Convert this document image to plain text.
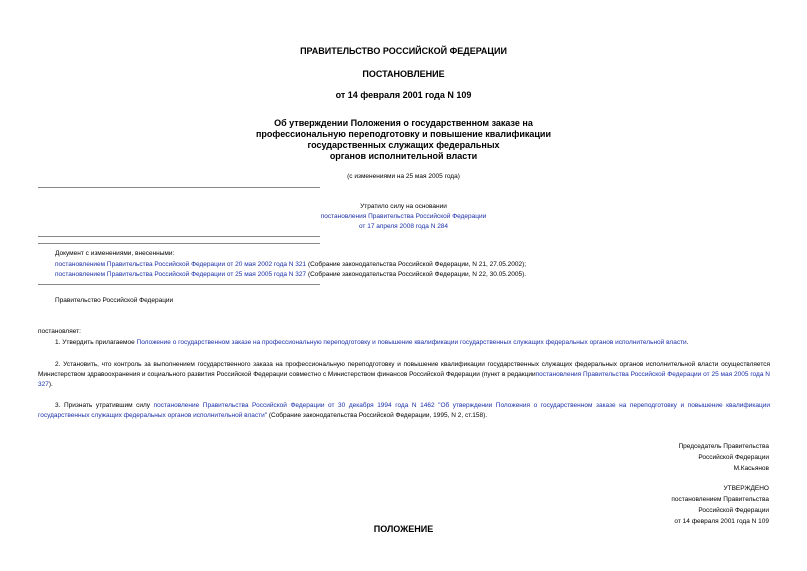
ПРАВИТЕЛЬСТВО РОССИЙСКОЙ ФЕДЕРАЦИИ
ПОСТАНОВЛЕНИЕ
от 14 февраля 2001 года N 109
Об утверждении Положения о государственном заказе на
профессиональную переподготовку и повышение квалификации
государственных служащих федеральных
органов исполнительной власти
(с изменениями на 25 мая 2005 года)
Утратило силу на основании
постановления Правительства Российской Федерации
от 17 апреля 2008 года N 284
Документ с изменениями, внесенными:
постановлением Правительства Российской Федерации от 20 мая 2002 года N 321 (Собрание законодательства Российской Федерации, N 21, 27.05.2002);
постановлением Правительства Российской Федерации от 25 мая 2005 года N 327 (Собрание законодательства Российской Федерации, N 22, 30.05.2005).
Правительство Российской Федерации
постановляет:
1. Утвердить прилагаемое Положение о государственном заказе на профессиональную переподготовку и повышение квалификации государственных служащих федеральных органов исполнительной власти.
2. Установить, что контроль за выполнением государственного заказа на профессиональную переподготовку и повышение квалификации государственных служащих федеральных органов исполнительной власти осуществляется Министерством здравоохранения и социального развития Российской Федерации совместно с Министерством финансов Российской Федерации (пункт в редакциипостановления Правительства Российской Федерации от 25 мая 2005 года N 327).
3. Признать утратившим силу постановление Правительства Российской Федерации от 30 декабря 1994 года N 1462 "Об утверждении Положения о государственном заказе на переподготовку и повышение квалификации государственных служащих федеральных органов исполнительной власти" (Собрание законодательства Российской Федерации, 1995, N 2, ст.158).
Председатель Правительства
Российской Федерации
М.Касьянов
УТВЕРЖДЕНО
постановлением Правительства
Российской Федерации
от 14 февраля 2001 года N 109
ПОЛОЖЕНИЕ
